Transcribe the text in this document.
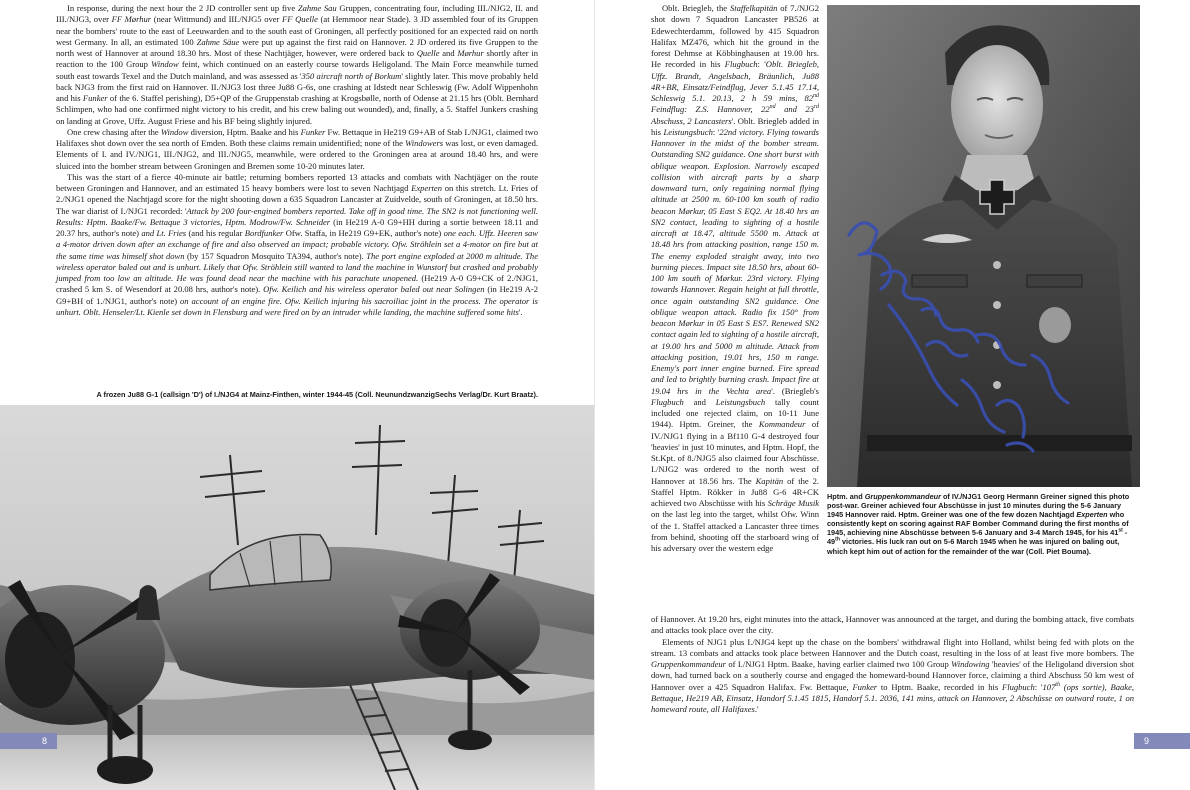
In response, during the next hour the 2 JD controller sent up five Zahme Sau Gruppen, concentrating four, including III./NJG2, II. and III./NJG3, over FF Mørhur (near Wittmund) and III./NJG5 over FF Quelle (at Hemmoor near Stade). 3 JD assembled four of its Gruppen near the bombers' route to the east of Leeuwarden and to the south east of Groningen, all perfectly positioned for an expected raid on north west Germany. In all, an estimated 100 Zahme Säue were put up against the first raid on Hannover. 2 JD ordered its five Gruppen to the north west of Hannover at around 18.30 hrs. Most of these Nachtjäger, however, were ordered back to Quelle and Mørhur shortly after in reaction to the 100 Group Window feint, which continued on an easterly course towards Heligoland. The Main Force meanwhile turned south east towards Texel and the Dutch mainland, and was assessed as '350 aircraft north of Borkum' slightly later. This move probably held back NJG3 from the first raid on Hannover. II./NJG3 lost three Ju88 G-6s, one crashing at Idstedt near Schleswig (Fw. Adolf Wippenhohn and his Funker of the 6. Staffel perishing), D5+QP of the Gruppenstab crashing at Krogsbølle, north of Odense at 21.15 hrs (Oblt. Bernhard Schlimpen, who had one confirmed night victory to his credit, and his crew baling out wounded), and, finally, a 5. Staffel Junkers crashing on landing at Grove, Uffz. August Friese and his BF being slightly injured.

One crew chasing after the Window diversion, Hptm. Baake and his Funker Fw. Bettaque in He219 G9+AB of Stab I./NJG1, claimed two Halifaxes shot down over the sea north of Emden. Both these claims remain unidentified; none of the Windowers was lost, or even damaged. Elements of I. and IV./NJG1, III./NJG2, and III./NJG5, meanwhile, were ordered to the Groningen area at around 18.40 hrs, and were sluiced into the bomber stream between Groningen and Bremen some 10-20 minutes later.

This was the start of a fierce 40-minute air battle; returning bombers reported 13 attacks and combats with Nachtjäger on the route between Groningen and Hannover, and an estimated 15 heavy bombers were lost to seven Nachtjagd Experten on this stretch. Lt. Fries of 2./NJG1 opened the Nachtjagd score for the night shooting down a 635 Squadron Lancaster at Zuidvelde, south of Groningen, at 18.50 hrs. The war diarist of I./NJG1 recorded: 'Attack by 200 four-engined bombers reported. Take off in good time. The SN2 is not functioning well. Results: Hptm. Baake/Fw. Bettaque 3 victories, Hptm. Modrow/Fw. Schneider (in He219 A-0 G9+HH during a sortie between 18.11 and 20.37 hrs, author's note) and Lt. Fries (and his regular Bordfunker Ofw. Staffa, in He219 G9+EK, author's note) one each. Uffz. Heeren saw a 4-motor driven down after an exchange of fire and also observed an impact; probable victory. Ofw. Ströhlein set a 4-motor on fire but at the same time was himself shot down (by 157 Squadron Mosquito TA394, author's note). The port engine exploded at 2000 m altitude. The wireless operator baled out and is unhurt. Likely that Ofw. Ströhlein still wanted to land the machine in Wunstorf but crashed and probably jumped from too low an altitude. He was found dead near the machine with his parachute unopened. (He219 A-0 G9+CK of 2./NJG1, crashed 5 km S. of Wesendorf at 20.08 hrs, author's note). Ofw. Keilich and his wireless operator baled out near Solingen (in He219 A-2 G9+BH of 1./NJG1, author's note) on account of an engine fire. Ofw. Keilich injuring his sacroiliac joint in the process. The operator is unhurt. Oblt. Henseler/Lt. Kienle set down in Flensburg and were fired on by an intruder while landing, the machine suffered some hits'.

A frozen Ju88 G-1 (callsign 'D') of I./NJG4 at Mainz-Finthen, winter 1944-45 (Coll. NeunundzwanzigSechs Verlag/Dr. Kurt Braatz).
8

Oblt. Briegleb, the Staffelkapitän of 7./NJG2 shot down 7 Squadron Lancaster PB526 at Edewechterdamm, followed by 415 Squadron Halifax MZ476, which hit the ground in the forest Dehmse at Köbbinghausen at 19.00 hrs. He recorded in his Flugbuch: 'Oblt. Briegleb, Uffz. Brandt, Angelsbach, Bräunlich, Ju88 4R+BR, Einsatz/Feindflug, Jever 5.1.45 17.14, Schleswig 5.1. 20.13, 2 h 59 mins, 82nd Feindflug: Z.S. Hannover, 22nd and 23rd Abschuss, 2 Lancasters'. Oblt. Briegleb added in his Leistungsbuch: '22nd victory. Flying towards Hannover in the midst of the bomber stream. Outstanding SN2 guidance. One short burst with oblique weapon. Explosion. Narrowly escaped collision with aircraft parts by a sharp downward turn, only regaining normal flying altitude at 2500 m. 60-100 km south of radio beacon Mørkur, 05 East S EQ2. At 18.40 hrs an SN2 contact, leading to sighting of a hostile aircraft at 18.47, altitude 5500 m. Attack at 18.48 hrs from attacking position, range 150 m. The enemy exploded straight away, into two burning pieces. Impact site 18.50 hrs, about 60-100 km south of Mørkur. 23rd victory. Flying towards Hannover. Regain height at full throttle, once again outstanding SN2 guidance. One oblique weapon attack. Radio fix 150° from beacon Mørkur in 05 East S ES7. Renewed SN2 contact again led to sighting of a hostile aircraft, at 19.00 hrs and 5000 m altitude. Attack from attacking position, 19.01 hrs, 150 m range. Enemy's port inner engine burned. Fire spread and led to brightly burning crash. Impact fire at 19.04 hrs in the Vechta area'. (Briegleb's Flugbuch and Leistungsbuch tally count included one rejected claim, on 10-11 June 1944). Hptm. Greiner, the Kommandeur of IV./NJG1 flying in a Bf110 G-4 destroyed four 'heavies' in just 10 minutes, and Hptm. Hopf, the St.Kpt. of 8./NJG5 also claimed four Abschüsse. I./NJG2 was ordered to the north west of Hannover at 18.56 hrs. The Kapitän of the 2. Staffel Hptm. Rökker in Ju88 G-6 4R+CK achieved two Abschüsse with his Schräge Musik on the last leg into the target, whilst Ofw. Winn of the 1. Staffel attacked a Lancaster three times from behind, shooting off the starboard wing of his adversary over the western edge

Hptm. and Gruppenkommandeur of IV./NJG1 Georg Hermann Greiner signed this photo post-war. Greiner achieved four Abschüsse in just 10 minutes during the 5-6 January 1945 Hannover raid. Hptm. Greiner was one of the few dozen Nachtjagd Experten who consistently kept on scoring against RAF Bomber Command during the first months of 1945, achieving nine Abschüsse between 5-6 January and 3-4 March 1945, for his 41st - 49th victories. His luck ran out on 5-6 March 1945 when he was injured on baling out, which kept him out of action for the remainder of the war (Coll. Piet Bouma).

of Hannover. At 19.20 hrs, eight minutes into the attack, Hannover was announced at the target, and during the bombing attack, five combats and attacks took place over the city.

Elements of NJG1 plus I./NJG4 kept up the chase on the bombers' withdrawal flight into Holland, whilst being fed with plots on the stream. 13 combats and attacks took place between Hannover and the Dutch coast, resulting in the loss of at least five more bombers. The Gruppenkommandeur of I./NJG1 Hptm. Baake, having earlier claimed two 100 Group Windowing 'heavies' of the Heligoland diversion shot down, had turned back on a southerly course and engaged the homeward-bound Hannover force, claiming a third Abschuss 50 km west of Hannover over a 425 Squadron Halifax. Fw. Bettaque, Funker to Hptm. Baake, recorded in his Flugbuch: '107th (ops sortie), Baake, Bettaque, He219 AB, Einsatz, Handorf 5.1.45 1815, Handorf 5.1. 2036, 141 mins, attack on Hannover, 2 Abschüsse on outward route, 1 on homeward route, all Halifaxes.'

9
